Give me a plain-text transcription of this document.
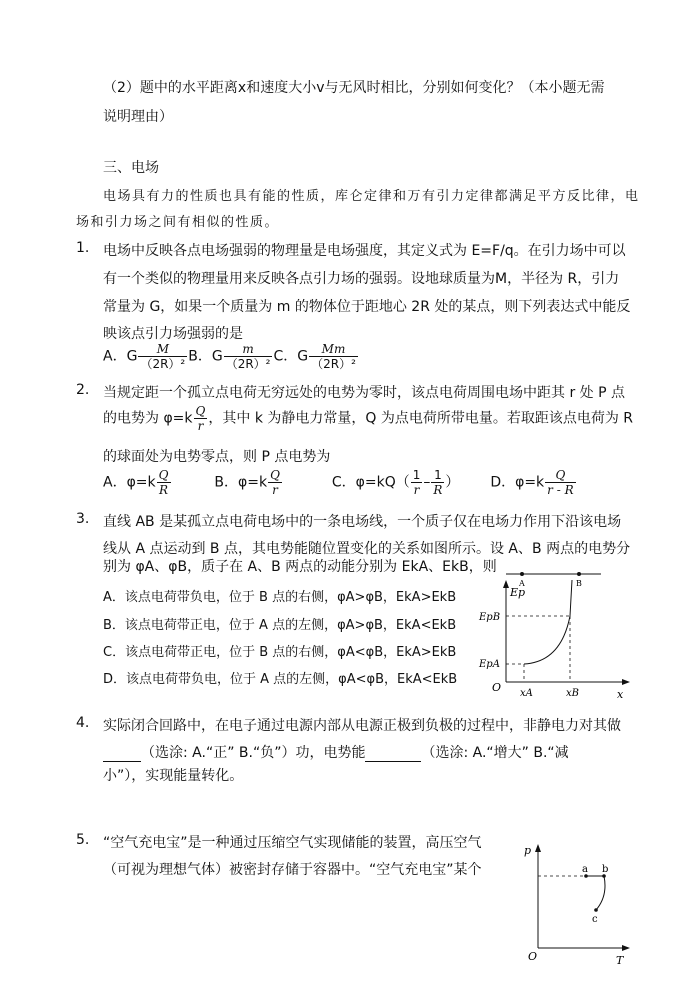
（2）题中的水平距离x和速度大小v与无风时相比，分别如何变化？（本小题无需
说明理由）
三、电场
电场具有力的性质也具有能的性质，库仑定律和万有引力定律都满足平方反比律，电
场和引力场之间有相似的性质。
1. 电场中反映各点电场强弱的物理量是电场强度，其定义式为 E=F/q。在引力场中可以
有一个类似的物理量用来反映各点引力场的强弱。设地球质量为M，半径为 R，引力
常量为 G，如果一个质量为 m 的物体位于距地心 2R 处的某点，则下列表达式中能反
映该点引力场强弱的是
A．G $\frac{M}{\text{（2R）²}}$ B．G $\frac{m}{\text{（2R）²}}$ C．G $\frac{Mm}{\text{（2R）²}}$
2. 当规定距一个孤立点电荷无穷远处的电势为零时，该点电荷周围电场中距其 r 处 P 点
的电势为 $\varphi=k \frac{Q}{r}$ ，其中 k 为静电力常量，Q 为点电荷所带电量。若取距该点电荷为 R
的球面处为电势零点，则 P 点电势为
A．$\varphi=k \frac{Q}{R}$	B．$\varphi=k \frac{Q}{r}$	C．$\varphi=kQ( \frac{1}{r} - \frac{1}{R}$ ） D．$\varphi=k \frac{Q}{r - R}$
3. 直线 AB 是某孤立点电荷电场中的一条电场线，一个质子仅在电场力作用下沿该电场
线从 A 点运动到 B 点，其电势能随位置变化的关系如图所示。设 A、B 两点的电势分
别为 φA、φB，质子在 A、B 两点的动能分别为 EkA、EkB，则
A．该点电荷带负电，位于 B 点的右侧，φA>φB，EkA>EkB
B．该点电荷带正电，位于 A 点的左侧，φA>φB，EkA<EkB
C．该点电荷带正电，位于 B 点的右侧，φA<φB，EkA>EkB
D．该点电荷带负电，位于 A 点的左侧，φA<φB，EkA<EkB
A	B
Ep
x
O
EpB
EpA
xA	xB
4. 实际闭合回路中，在电子通过电源内部从电源正极到负极的过程中，非静电力对其做
（选涂: A.“正” B.“负”）功，电势能	（选涂: A.“增大” B.“减
小”），实现能量转化。
5. “空气充电宝”是一种通过压缩空气实现储能的装置，高压空气
（可视为理想气体）被密封存储于容器中。“空气充电宝”某个
p
T
O
a b
c
